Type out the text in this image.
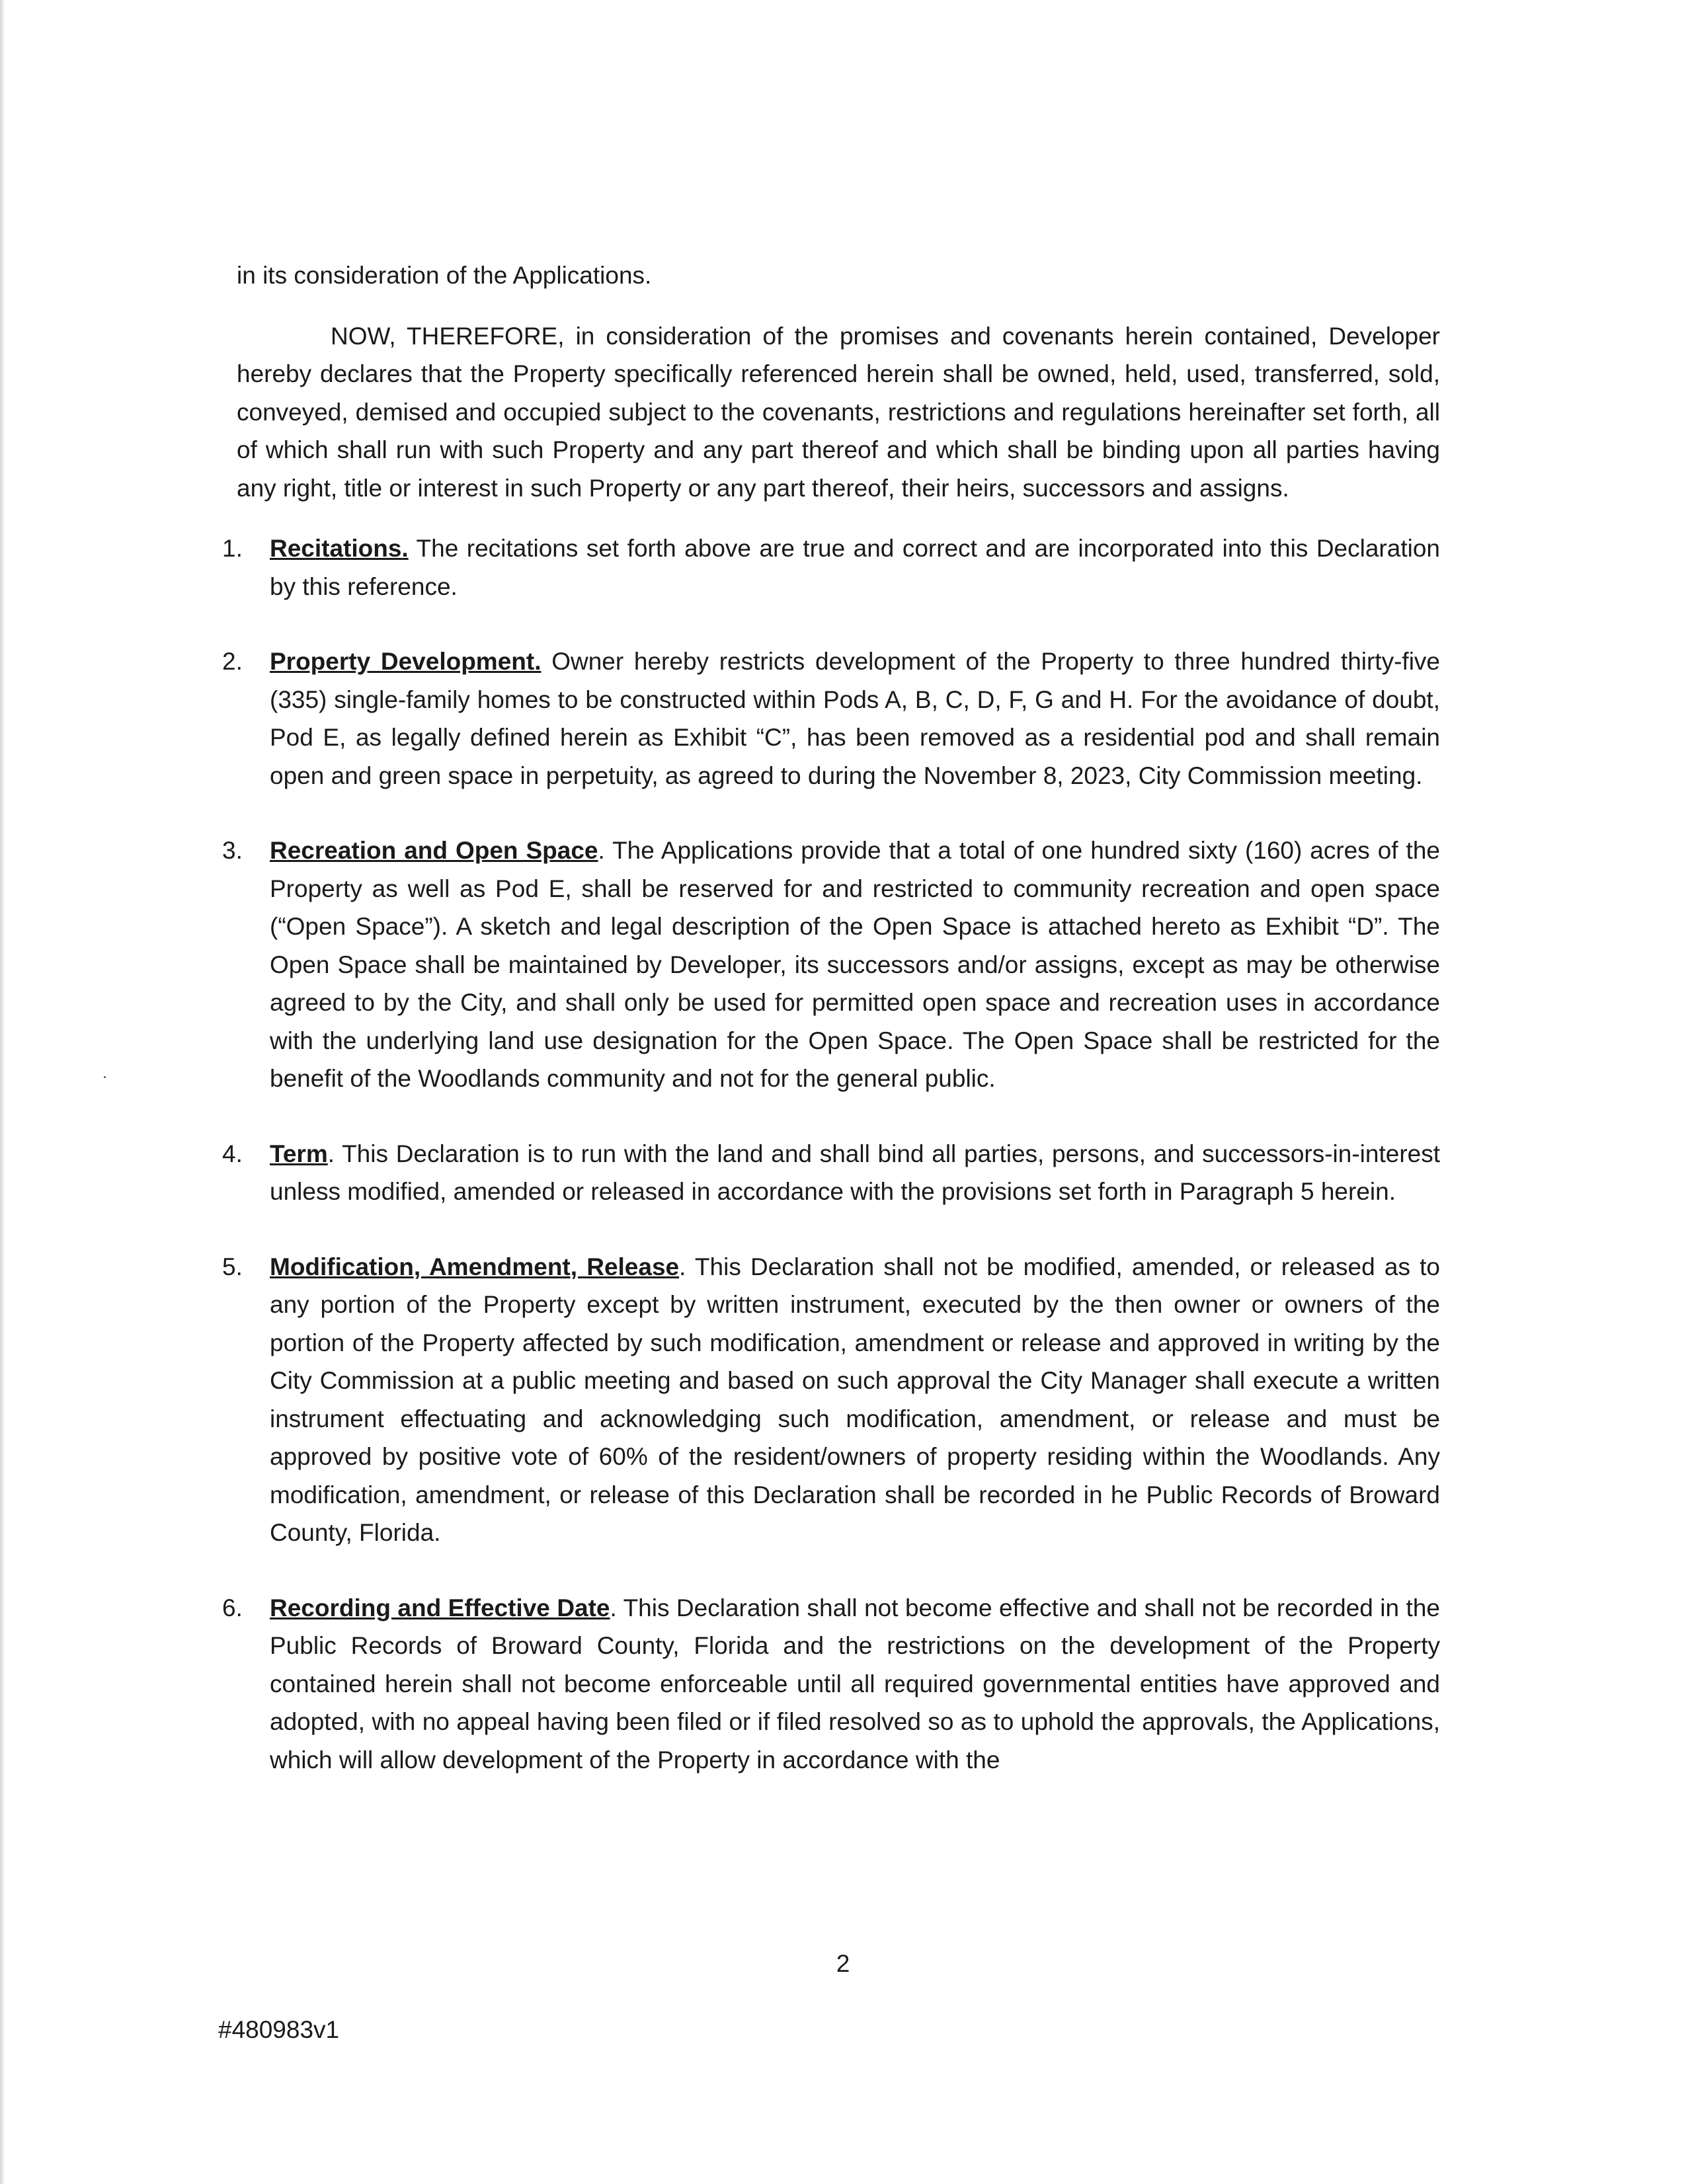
in its consideration of the Applications.

NOW, THEREFORE, in consideration of the promises and covenants herein contained, Developer hereby declares that the Property specifically referenced herein shall be owned, held, used, transferred, sold, conveyed, demised and occupied subject to the covenants, restrictions and regulations hereinafter set forth, all of which shall run with such Property and any part thereof and which shall be binding upon all parties having any right, title or interest in such Property or any part thereof, their heirs, successors and assigns.

1. Recitations. The recitations set forth above are true and correct and are incorporated into this Declaration by this reference.
2. Property Development. Owner hereby restricts development of the Property to three hundred thirty-five (335) single-family homes to be constructed within Pods A, B, C, D, F, G and H. For the avoidance of doubt, Pod E, as legally defined herein as Exhibit “C”, has been removed as a residential pod and shall remain open and green space in perpetuity, as agreed to during the November 8, 2023, City Commission meeting.
3. Recreation and Open Space. The Applications provide that a total of one hundred sixty (160) acres of the Property as well as Pod E, shall be reserved for and restricted to community recreation and open space (“Open Space”). A sketch and legal description of the Open Space is attached hereto as Exhibit “D”. The Open Space shall be maintained by Developer, its successors and/or assigns, except as may be otherwise agreed to by the City, and shall only be used for permitted open space and recreation uses in accordance with the underlying land use designation for the Open Space. The Open Space shall be restricted for the benefit of the Woodlands community and not for the general public.
4. Term. This Declaration is to run with the land and shall bind all parties, persons, and successors-in-interest unless modified, amended or released in accordance with the provisions set forth in Paragraph 5 herein.
5. Modification, Amendment, Release. This Declaration shall not be modified, amended, or released as to any portion of the Property except by written instrument, executed by the then owner or owners of the portion of the Property affected by such modification, amendment or release and approved in writing by the City Commission at a public meeting and based on such approval the City Manager shall execute a written instrument effectuating and acknowledging such modification, amendment, or release and must be approved by positive vote of 60% of the resident/owners of property residing within the Woodlands. Any modification, amendment, or release of this Declaration shall be recorded in he Public Records of Broward County, Florida.
6. Recording and Effective Date. This Declaration shall not become effective and shall not be recorded in the Public Records of Broward County, Florida and the restrictions on the development of the Property contained herein shall not become enforceable until all required governmental entities have approved and adopted, with no appeal having been filed or if filed resolved so as to uphold the approvals, the Applications, which will allow development of the Property in accordance with the
2
#480983v1
